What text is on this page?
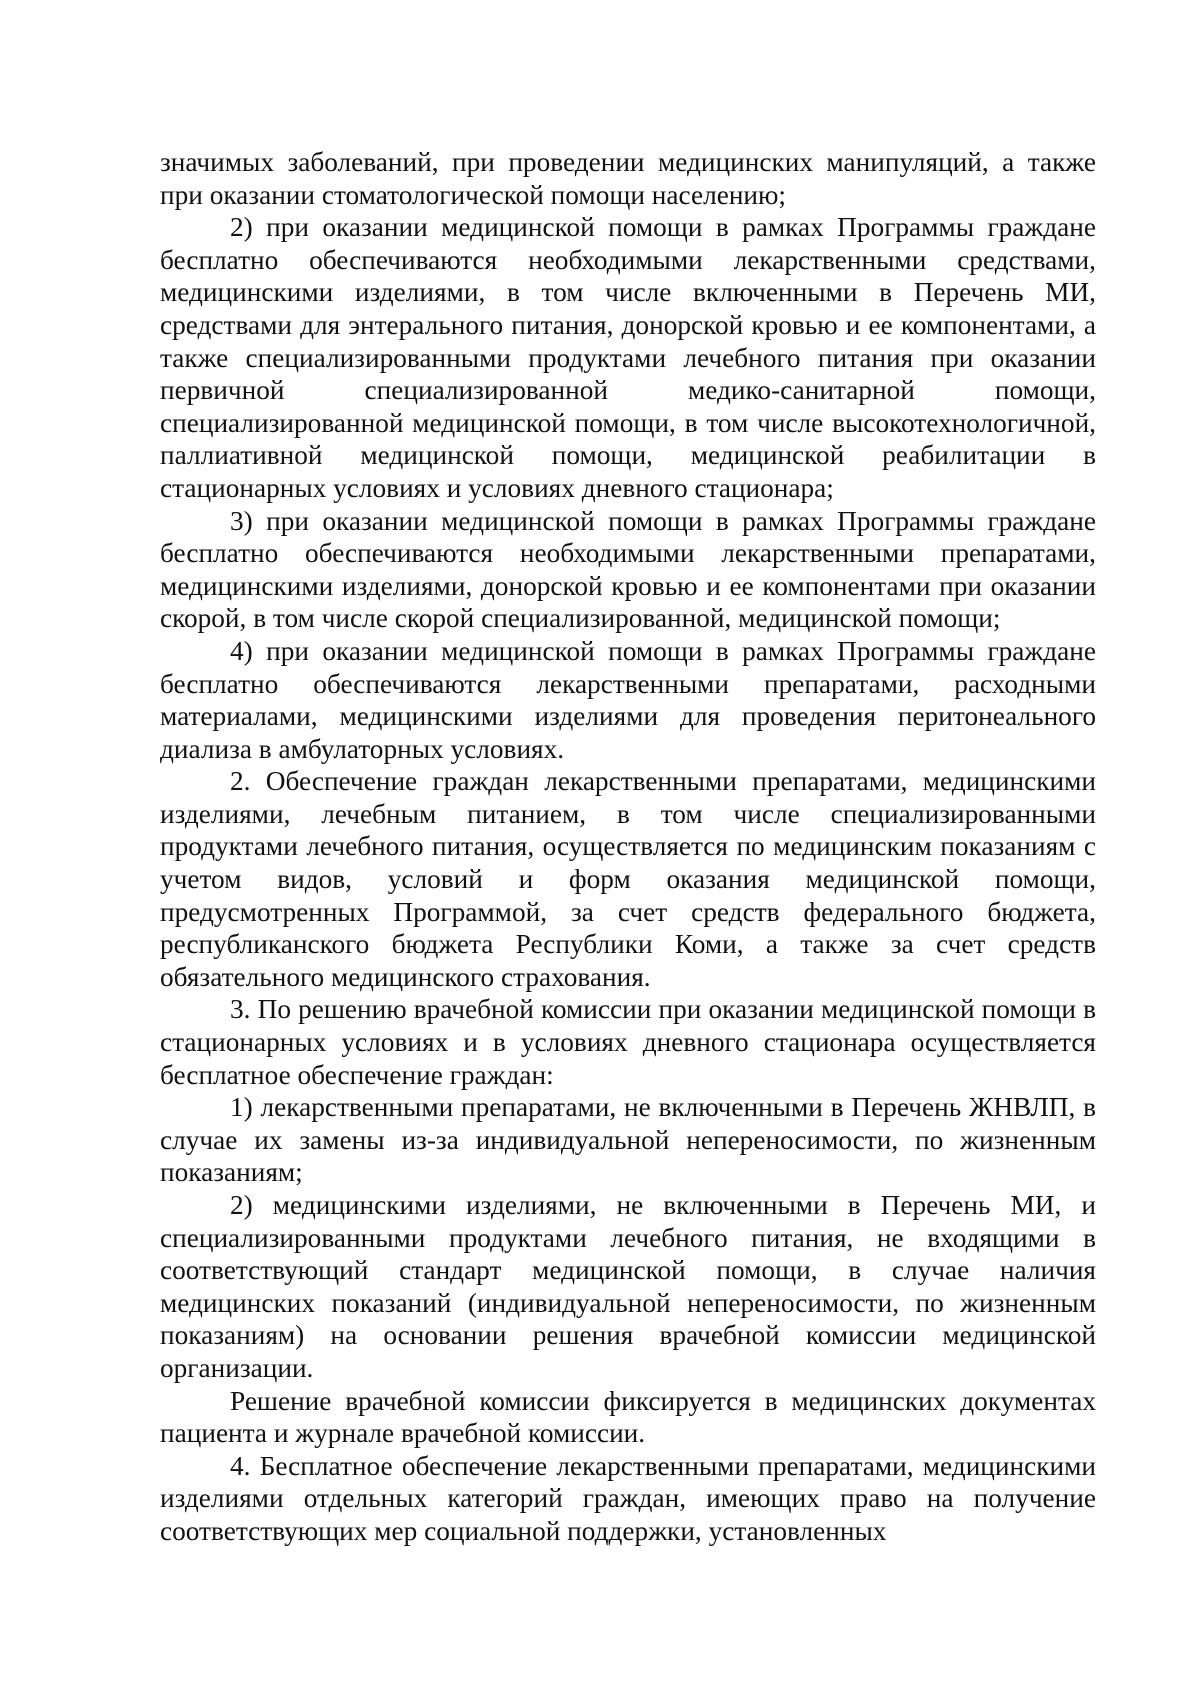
значимых заболеваний, при проведении медицинских манипуляций, а также при оказании стоматологической помощи населению;

2) при оказании медицинской помощи в рамках Программы граждане бесплатно обеспечиваются необходимыми лекарственными средствами, медицинскими изделиями, в том числе включенными в Перечень МИ, средствами для энтерального питания, донорской кровью и ее компонентами, а также специализированными продуктами лечебного питания при оказании первичной специализированной медико-санитарной помощи, специализированной медицинской помощи, в том числе высокотехнологичной, паллиативной медицинской помощи, медицинской реабилитации в стационарных условиях и условиях дневного стационара;

3) при оказании медицинской помощи в рамках Программы граждане бесплатно обеспечиваются необходимыми лекарственными препаратами, медицинскими изделиями, донорской кровью и ее компонентами при оказании скорой, в том числе скорой специализированной, медицинской помощи;

4) при оказании медицинской помощи в рамках Программы граждане бесплатно обеспечиваются лекарственными препаратами, расходными материалами, медицинскими изделиями для проведения перитонеального диализа в амбулаторных условиях.

2. Обеспечение граждан лекарственными препаратами, медицинскими изделиями, лечебным питанием, в том числе специализированными продуктами лечебного питания, осуществляется по медицинским показаниям с учетом видов, условий и форм оказания медицинской помощи, предусмотренных Программой, за счет средств федерального бюджета, республиканского бюджета Республики Коми, а также за счет средств обязательного медицинского страхования.

3. По решению врачебной комиссии при оказании медицинской помощи в стационарных условиях и в условиях дневного стационара осуществляется бесплатное обеспечение граждан:

1) лекарственными препаратами, не включенными в Перечень ЖНВЛП, в случае их замены из-за индивидуальной непереносимости, по жизненным показаниям;

2) медицинскими изделиями, не включенными в Перечень МИ, и специализированными продуктами лечебного питания, не входящими в соответствующий стандарт медицинской помощи, в случае наличия медицинских показаний (индивидуальной непереносимости, по жизненным показаниям) на основании решения врачебной комиссии медицинской организации.

Решение врачебной комиссии фиксируется в медицинских документах пациента и журнале врачебной комиссии.

4. Бесплатное обеспечение лекарственными препаратами, медицинскими изделиями отдельных категорий граждан, имеющих право на получение соответствующих мер социальной поддержки, установленных
